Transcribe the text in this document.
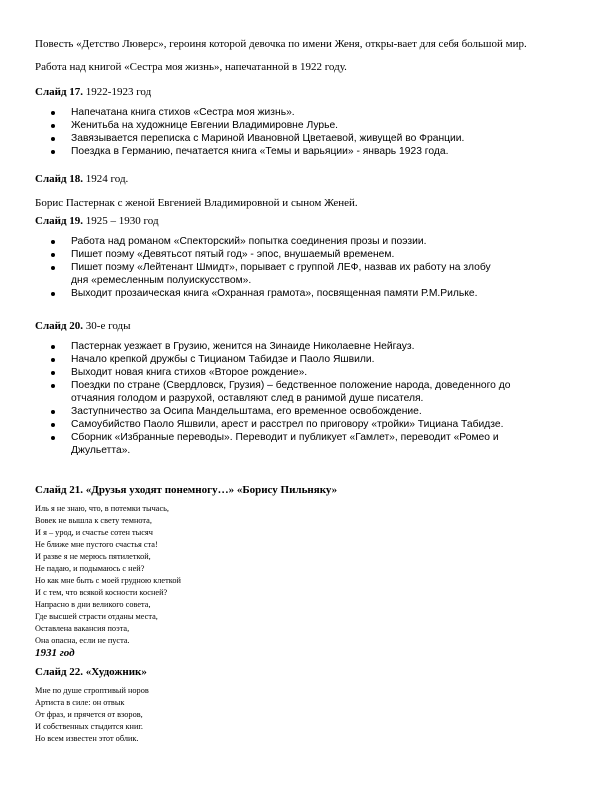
Повесть «Детство Люверс», героиня которой девочка по имени Женя, откры-вает для себя большой мир.

Работа над книгой «Сестра моя жизнь», напечатанной в 1922 году.

Слайд 17. 1922-1923 год

Напечатана книга стихов «Сестра моя жизнь».
Женитьба на художнице Евгении Владимировне Лурье.
Завязывается переписка с Мариной Ивановной Цветаевой, живущей во Франции.
Поездка в Германию, печатается книга «Темы и варьяции» - январь 1923 года.

Слайд 18. 1924 год.

Борис Пастернак с женой Евгенией Владимировной и сыном Женей.

Слайд 19. 1925 – 1930 год

Работа над романом «Спекторский» попытка соединения прозы и поэзии.
Пишет поэму «Девятьсот пятый год» - эпос, внушаемый временем.
Пишет поэму «Лейтенант Шмидт», порывает с группой ЛЕФ, назвав их работу на злобу дня «ремесленным полуискусством».
Выходит прозаическая книга «Охранная грамота», посвященная памяти Р.М.Рильке.

Слайд 20. 30-е годы

Пастернак уезжает в Грузию, женится на Зинаиде Николаевне Нейгауз.
Начало крепкой дружбы с Тицианом Табидзе и Паоло Яшвили.
Выходит новая книга стихов «Второе рождение».
Поездки по стране (Свердловск, Грузия) – бедственное положение народа, доведенного до отчаяния голодом и разрухой, оставляют след в ранимой душе писателя.
Заступничество за Осипа Мандельштама, его временное освобождение.
Самоубийство Паоло Яшвили, арест и расстрел по приговору «тройки» Тициана Табидзе.
Сборник «Избранные переводы». Переводит и публикует «Гамлет», переводит «Ромео и Джульетта».

Слайд 21. «Друзья уходят понемногу…» «Борису Пильняку»

Иль я не знаю, что, в потемки тычась,
Вовек не вышла к свету темнота,
И я – урод, и счастье сотен тысяч
Не ближе мне пустого счастья ста!
И разве я не мерюсь пятилеткой,
Не падаю, и подымаюсь с ней?
Но как мне быть с моей грудною клеткой
И с тем, что всякой косности косней?
Напрасно в дни великого совета,
Где высшей страсти отданы места,
Оставлена вакансия поэта,
Она опасна, если не пуста.
1931 год

Слайд 22. «Художник»

Мне по душе строптивый норов
Артиста в силе: он отвык
От фраз, и прячется от взоров,
И собственных стыдится книг.
Но всем известен этот облик.
